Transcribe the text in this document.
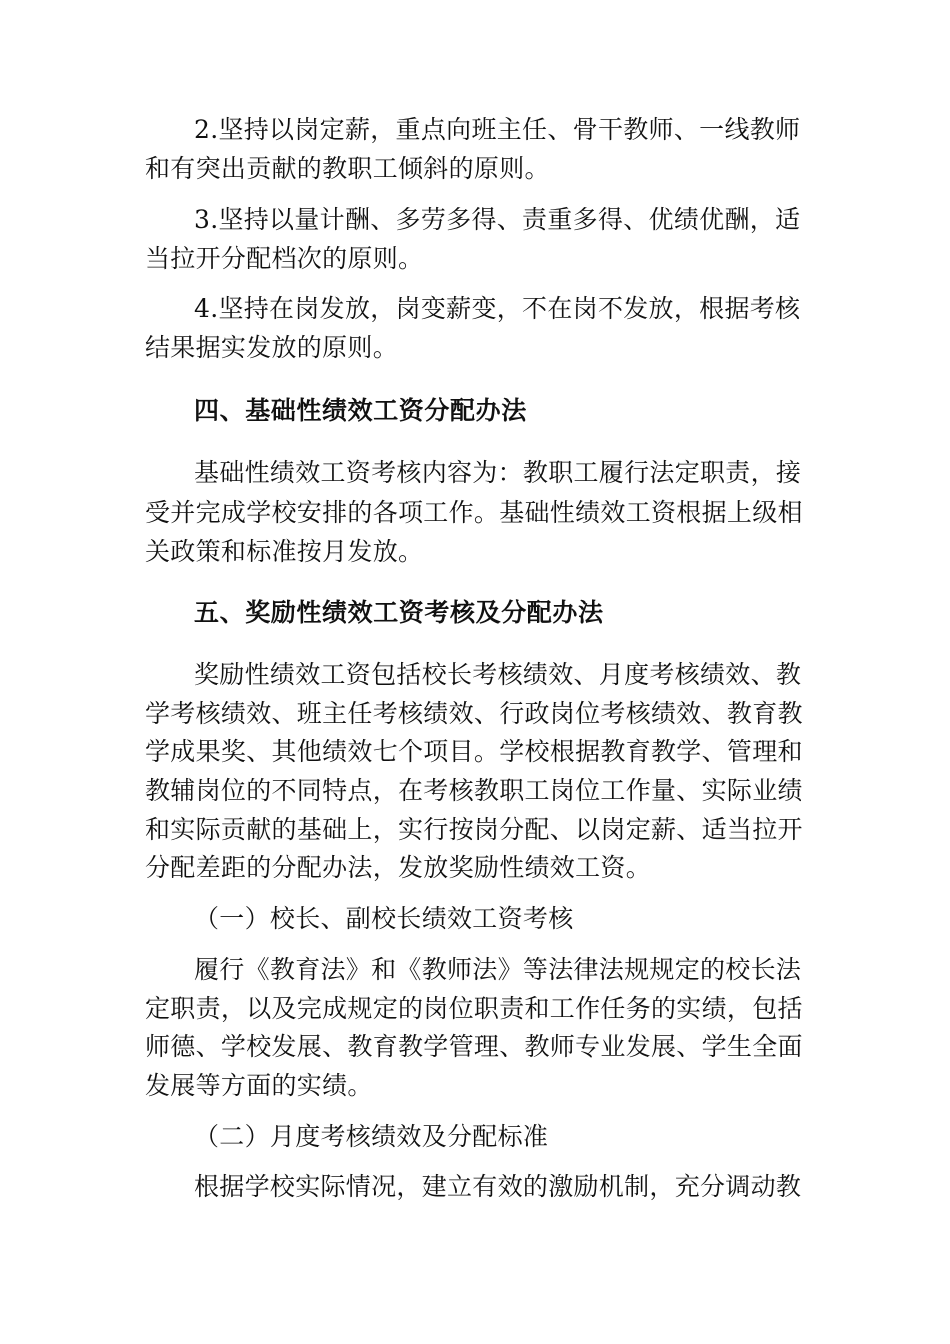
2.坚持以岗定薪，重点向班主任、骨干教师、一线教师
和有突出贡献的教职工倾斜的原则。
3.坚持以量计酬、多劳多得、责重多得、优绩优酬，适
当拉开分配档次的原则。
4.坚持在岗发放，岗变薪变，不在岗不发放，根据考核
结果据实发放的原则。
四、基础性绩效工资分配办法
基础性绩效工资考核内容为：教职工履行法定职责，接
受并完成学校安排的各项工作。基础性绩效工资根据上级相
关政策和标准按月发放。
五、奖励性绩效工资考核及分配办法
奖励性绩效工资包括校长考核绩效、月度考核绩效、教
学考核绩效、班主任考核绩效、行政岗位考核绩效、教育教
学成果奖、其他绩效七个项目。学校根据教育教学、管理和
教辅岗位的不同特点，在考核教职工岗位工作量、实际业绩
和实际贡献的基础上，实行按岗分配、以岗定薪、适当拉开
分配差距的分配办法，发放奖励性绩效工资。
（一）校长、副校长绩效工资考核
履行《教育法》和《教师法》等法律法规规定的校长法
定职责，以及完成规定的岗位职责和工作任务的实绩，包括
师德、学校发展、教育教学管理、教师专业发展、学生全面
发展等方面的实绩。
（二）月度考核绩效及分配标准
根据学校实际情况，建立有效的激励机制，充分调动教
